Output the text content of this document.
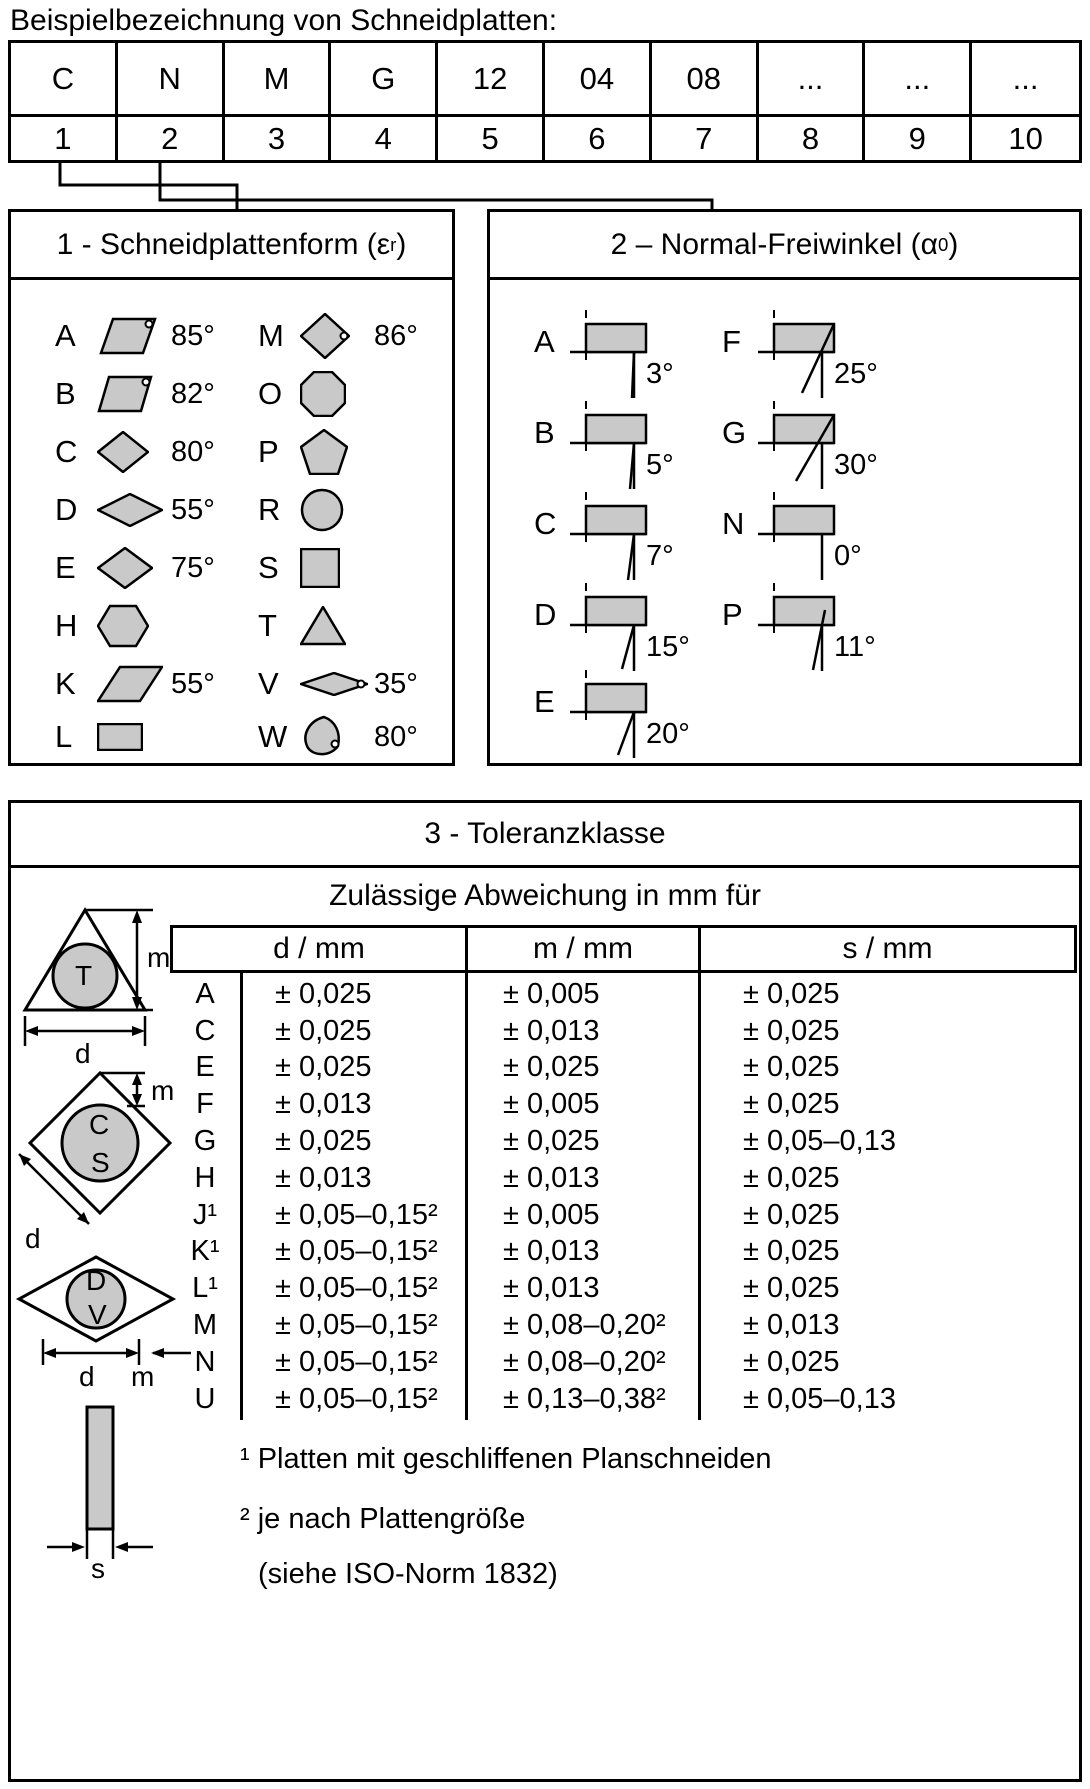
Beispielbezeichnung von Schneidplatten:
C	N	M	G	12	04	08	...	...	...
1	2	3	4	5	6	7	8	9	10
1 - Schneidplattenform (ε r )
A	85°
B	82°
C	80°
D	55°
E	75°
H
K	55°
L
M	86°
O
P
R
S
T
V	35°
W	80°
2 – Normal-Freiwinkel (α 0 )
A
3°
B
5°
C
7°
D
15°
E
20°
F
25°
G
30°
N
0°
P
11°
3 - Toleranzklasse
Zulässige Abweichung in mm für
d / mm	m / mm	s / mm
A	± 0,025	± 0,005	± 0,025
C	± 0,025	± 0,013	± 0,025
E	± 0,025	± 0,025	± 0,025
F	± 0,013	± 0,005	± 0,025
G	± 0,025	± 0,025	± 0,05–0,13
H	± 0,013	± 0,013	± 0,025
J¹	± 0,05–0,15²	± 0,005	± 0,025
K¹	± 0,05–0,15²	± 0,013	± 0,025
L¹	± 0,05–0,15²	± 0,013	± 0,025
M	± 0,05–0,15²	± 0,08–0,20²	± 0,013
N	± 0,05–0,15²	± 0,08–0,20²	± 0,025
U	± 0,05–0,15²	± 0,13–0,38²	± 0,05–0,13
T
m
d
C
S
m
d
D
V
d m
s
¹ Platten mit geschliffenen Planschneiden
² je nach Plattengröße
(siehe ISO-Norm 1832)
